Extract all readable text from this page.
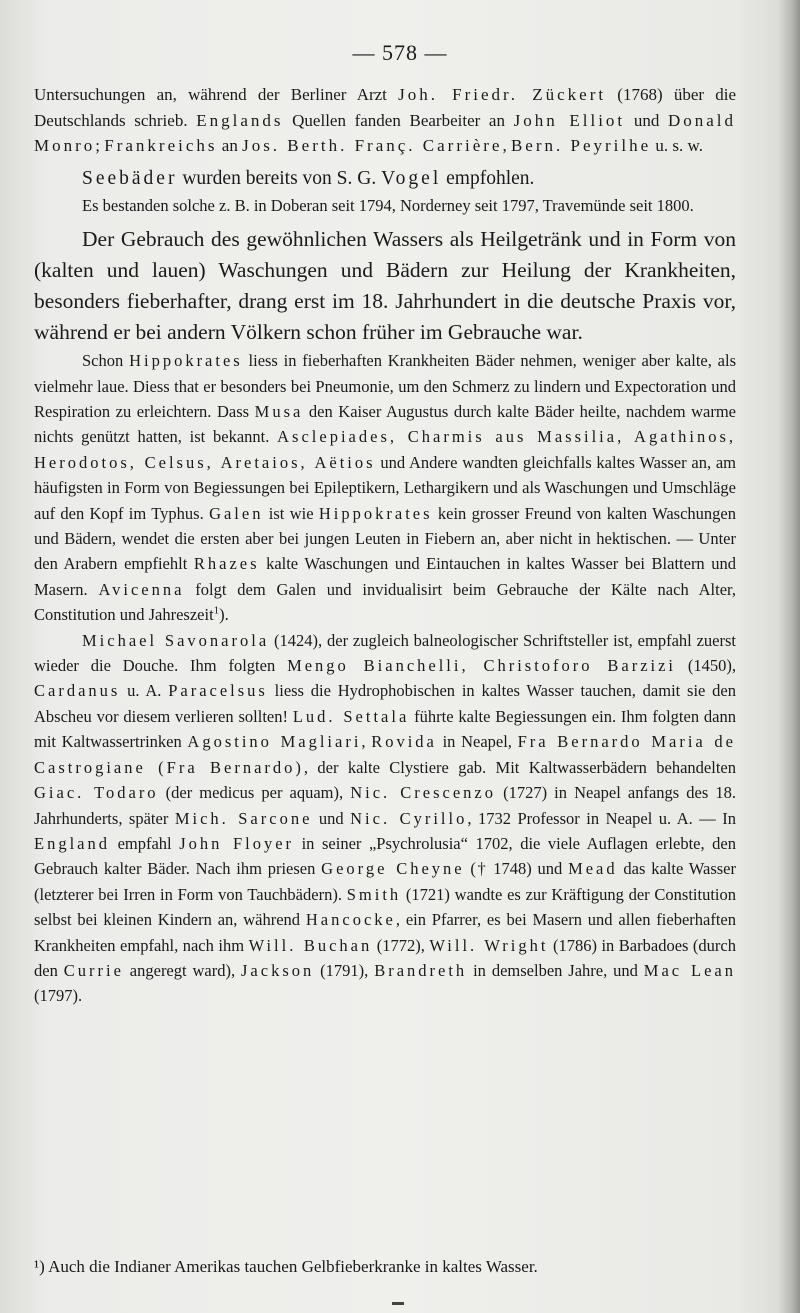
— 578 —

Untersuchungen an, während der Berliner Arzt Joh. Friedr. Zückert (1768) über die Deutschlands schrieb. Englands Quellen fanden Bearbeiter an John Elliot und Donald Monro; Frankreichs an Jos. Berth. Franç. Carrière, Bern. Peyrilhe u. s. w.

Seebäder wurden bereits von S. G. Vogel empfohlen.

Es bestanden solche z. B. in Doberan seit 1794, Norderney seit 1797, Travemünde seit 1800.

Der Gebrauch des gewöhnlichen Wassers als Heilgetränk und in Form von (kalten und lauen) Waschungen und Bädern zur Heilung der Krankheiten, besonders fieberhafter, drang erst im 18. Jahrhundert in die deutsche Praxis vor, während er bei andern Völkern schon früher im Gebrauche war.

Schon Hippokrates liess in fieberhaften Krankheiten Bäder nehmen, weniger aber kalte, als vielmehr laue. Diess that er besonders bei Pneumonie, um den Schmerz zu lindern und Expectoration und Respiration zu erleichtern. Dass Musa den Kaiser Augustus durch kalte Bäder heilte, nachdem warme nichts genützt hatten, ist bekannt. Asclepiades, Charmis aus Massilia, Agathinos, Herodotos, Celsus, Aretaios, Aëtios und Andere wandten gleichfalls kaltes Wasser an, am häufigsten in Form von Begiessungen bei Epileptikern, Lethargikern und als Waschungen und Umschläge auf den Kopf im Typhus. Galen ist wie Hippokrates kein grosser Freund von kalten Waschungen und Bädern, wendet die ersten aber bei jungen Leuten in Fiebern an, aber nicht in hektischen. — Unter den Arabern empfiehlt Rhazes kalte Waschungen und Eintauchen in kaltes Wasser bei Blattern und Masern. Avicenna folgt dem Galen und invidualisirt beim Gebrauche der Kälte nach Alter, Constitution und Jahreszeit$^1$).

Michael Savonarola (1424), der zugleich balneologischer Schriftsteller ist, empfahl zuerst wieder die Douche. Ihm folgten Mengo Bianchelli, Christoforo Barzizi (1450), Cardanus u. A. Paracelsus liess die Hydrophobischen in kaltes Wasser tauchen, damit sie den Abscheu vor diesem verlieren sollten! Lud. Settala führte kalte Begiessungen ein. Ihm folgten dann mit Kaltwassertrinken Agostino Magliari, Rovida in Neapel, Fra Bernardo Maria de Castrogiane (Fra Bernardo), der kalte Clystiere gab. Mit Kaltwasserbädern behandelten Giac. Todaro (der medicus per aquam), Nic. Crescenzo (1727) in Neapel anfangs des 18. Jahrhunderts, später Mich. Sarcone und Nic. Cyrillo, 1732 Professor in Neapel u. A. — In England empfahl John Floyer in seiner „Psychrolusia“ 1702, die viele Auflagen erlebte, den Gebrauch kalter Bäder. Nach ihm priesen George Cheyne († 1748) und Mead das kalte Wasser (letzterer bei Irren in Form von Tauchbädern). Smith (1721) wandte es zur Kräftigung der Constitution selbst bei kleinen Kindern an, während Hancocke, ein Pfarrer, es bei Masern und allen fieberhaften Krankheiten empfahl, nach ihm Will. Buchan (1772), Will. Wright (1786) in Barbadoes (durch den Currie angeregt ward), Jackson (1791), Brandreth in demselben Jahre, und Mac Lean (1797).

¹) Auch die Indianer Amerikas tauchen Gelbfieberkranke in kaltes Wasser.
